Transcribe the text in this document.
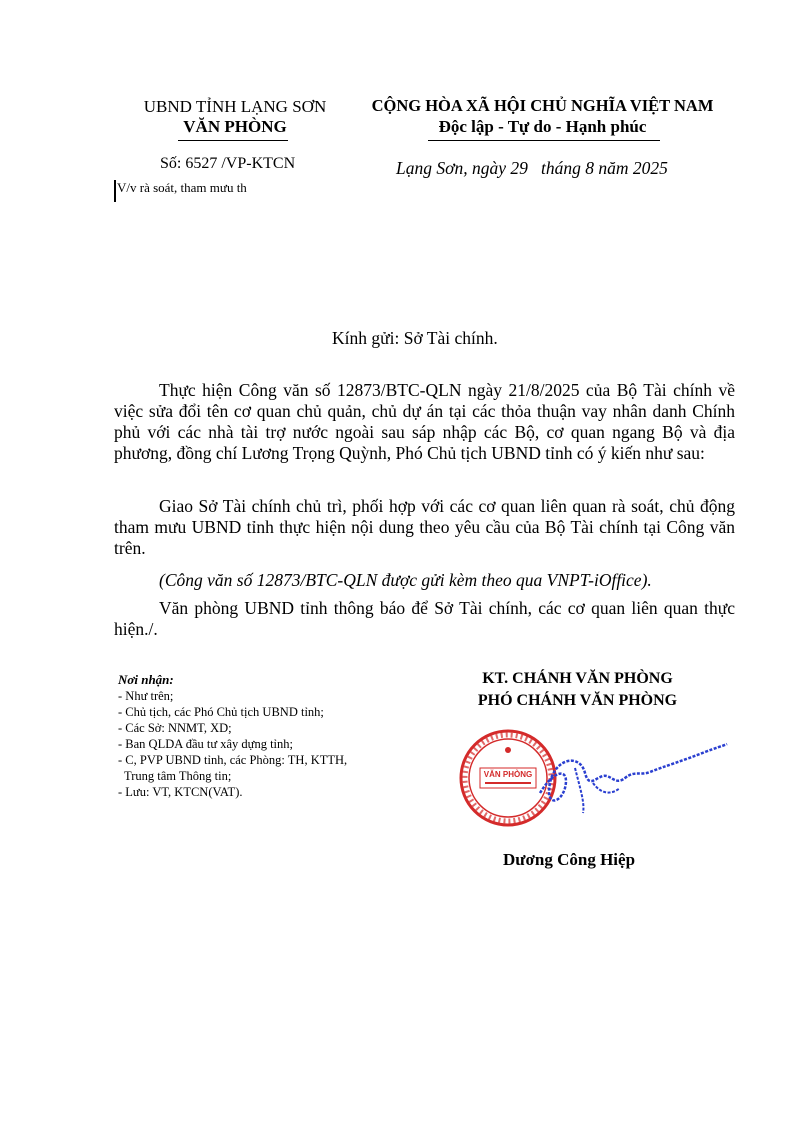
UBND TỈNH LẠNG SƠN
VĂN PHÒNG
Số: 6527 /VP-KTCN
V/v rà soát, tham mưu th
CỘNG HÒA XÃ HỘI CHỦ NGHĨA VIỆT NAM
Độc lập - Tự do - Hạnh phúc
Lạng Sơn, ngày 29   tháng 8 năm 2025
Kính gửi: Sở Tài chính.
Thực hiện Công văn số 12873/BTC-QLN ngày 21/8/2025 của Bộ Tài chính về việc sửa đổi tên cơ quan chủ quản, chủ dự án tại các thỏa thuận vay nhân danh Chính phủ với các nhà tài trợ nước ngoài sau sáp nhập các Bộ, cơ quan ngang Bộ và địa phương, đồng chí Lương Trọng Quỳnh, Phó Chủ tịch UBND tỉnh có ý kiến như sau:
Giao Sở Tài chính chủ trì, phối hợp với các cơ quan liên quan rà soát, chủ động tham mưu UBND tỉnh thực hiện nội dung theo yêu cầu của Bộ Tài chính tại Công văn trên.
(Công văn số 12873/BTC-QLN được gửi kèm theo qua VNPT-iOffice).
Văn phòng UBND tỉnh thông báo để Sở Tài chính, các cơ quan liên quan thực hiện./.
Nơi nhận:
- Như trên;
- Chủ tịch, các Phó Chủ tịch UBND tỉnh;
- Các Sở: NNMT, XD;
- Ban QLDA đầu tư xây dựng tỉnh;
- C, PVP UBND tỉnh, các Phòng: TH, KTTH,
Trung tâm Thông tin;
- Lưu: VT, KTCN(VAT).
KT. CHÁNH VĂN PHÒNG
PHÓ CHÁNH VĂN PHÒNG
VĂN PHÒNG
Dương Công Hiệp
